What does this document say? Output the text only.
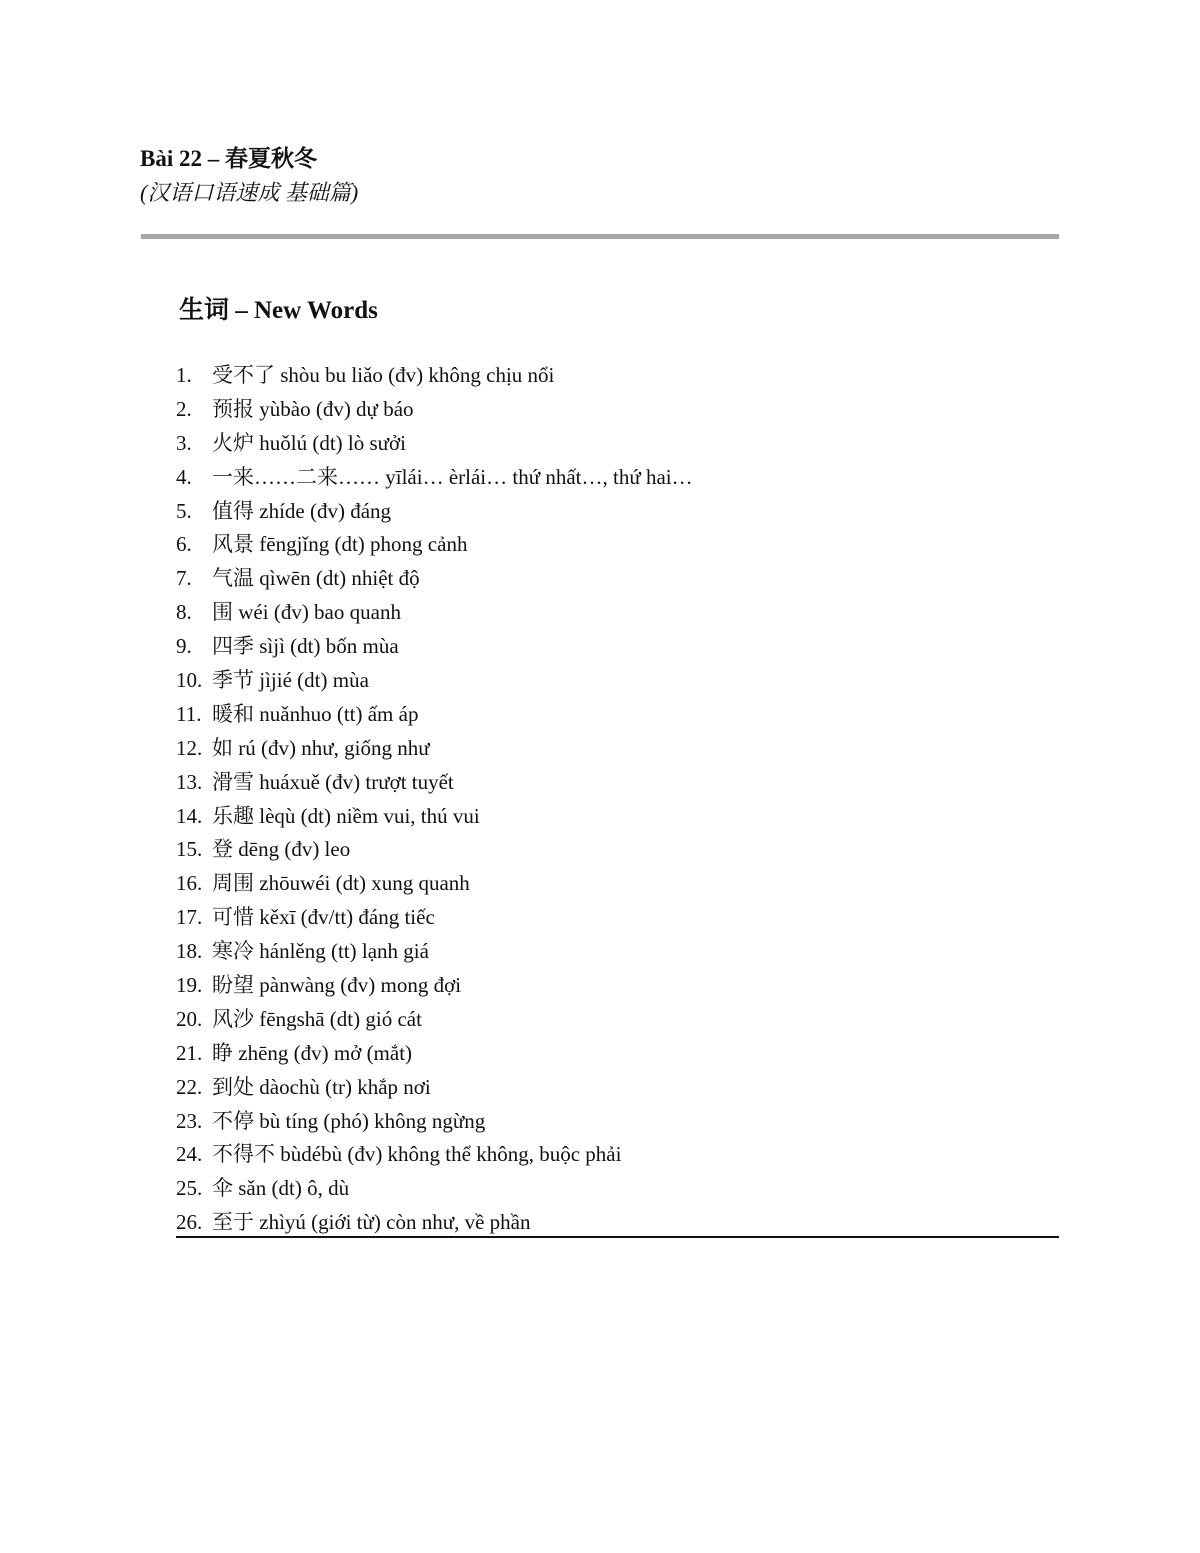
Bài 22 – 春夏秋冬
(汉语口语速成 基础篇)
生词 – New Words
1. 受不了 shòu bu liǎo (đv) không chịu nổi
2. 预报 yùbào (đv) dự báo
3. 火炉 huǒlú (dt) lò sưởi
4. 一来……二来…… yīlái… èrlái… thứ nhất…, thứ hai…
5. 值得 zhíde (đv) đáng
6. 风景 fēngjǐng (dt) phong cảnh
7. 气温 qìwēn (dt) nhiệt độ
8. 围 wéi (đv) bao quanh
9. 四季 sìjì (dt) bốn mùa
10. 季节 jìjié (dt) mùa
11. 暖和 nuǎnhuo (tt) ấm áp
12. 如 rú (đv) như, giống như
13. 滑雪 huáxuě (đv) trượt tuyết
14. 乐趣 lèqù (dt) niềm vui, thú vui
15. 登 dēng (đv) leo
16. 周围 zhōuwéi (dt) xung quanh
17. 可惜 kěxī (đv/tt) đáng tiếc
18. 寒冷 hánlěng (tt) lạnh giá
19. 盼望 pànwàng (đv) mong đợi
20. 风沙 fēngshā (dt) gió cát
21. 睁 zhēng (đv) mở (mắt)
22. 到处 dàochù (tr) khắp nơi
23. 不停 bù tíng (phó) không ngừng
24. 不得不 bùdébù (đv) không thể không, buộc phải
25. 伞 sǎn (dt) ô, dù
26. 至于 zhìyú (giới từ) còn như, về phần
